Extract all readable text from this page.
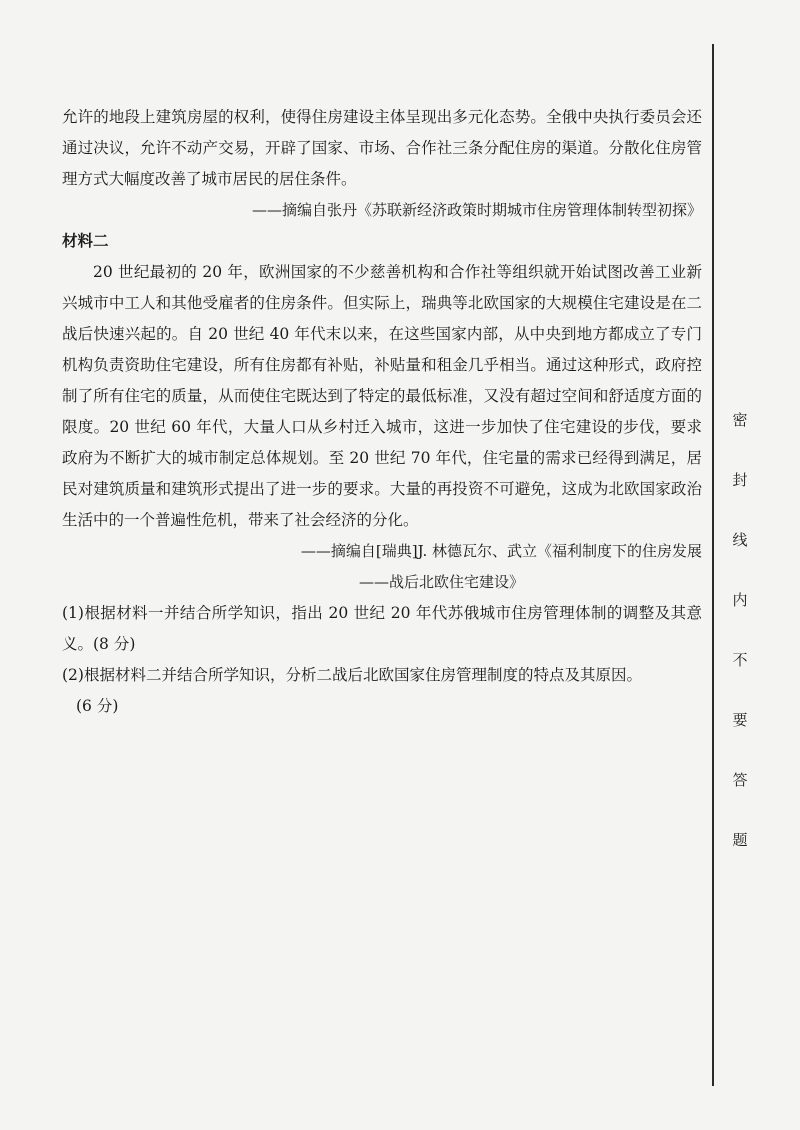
允许的地段上建筑房屋的权利，使得住房建设主体呈现出多元化态势。全俄中央执行委员会还通过决议，允许不动产交易，开辟了国家、市场、合作社三条分配住房的渠道。分散化住房管理方式大幅度改善了城市居民的居住条件。

——摘编自张丹《苏联新经济政策时期城市住房管理体制转型初探》

材料二

20 世纪最初的 20 年，欧洲国家的不少慈善机构和合作社等组织就开始试图改善工业新兴城市中工人和其他受雇者的住房条件。但实际上，瑞典等北欧国家的大规模住宅建设是在二战后快速兴起的。自 20 世纪 40 年代末以来，在这些国家内部，从中央到地方都成立了专门机构负责资助住宅建设，所有住房都有补贴，补贴量和租金几乎相当。通过这种形式，政府控制了所有住宅的质量，从而使住宅既达到了特定的最低标准，又没有超过空间和舒适度方面的限度。20 世纪 60 年代，大量人口从乡村迁入城市，这进一步加快了住宅建设的步伐，要求政府为不断扩大的城市制定总体规划。至 20 世纪 70 年代，住宅量的需求已经得到满足，居民对建筑质量和建筑形式提出了进一步的要求。大量的再投资不可避免，这成为北欧国家政治生活中的一个普遍性危机，带来了社会经济的分化。

——摘编自[瑞典]J. 林德瓦尔、武立《福利制度下的住房发展

——战后北欧住宅建设》

(1)根据材料一并结合所学知识，指出 20 世纪 20 年代苏俄城市住房管理体制的调整及其意义。(8 分)

(2)根据材料二并结合所学知识，分析二战后北欧国家住房管理制度的特点及其原因。

(6 分)

密
封
线
内
不
要
答
题
